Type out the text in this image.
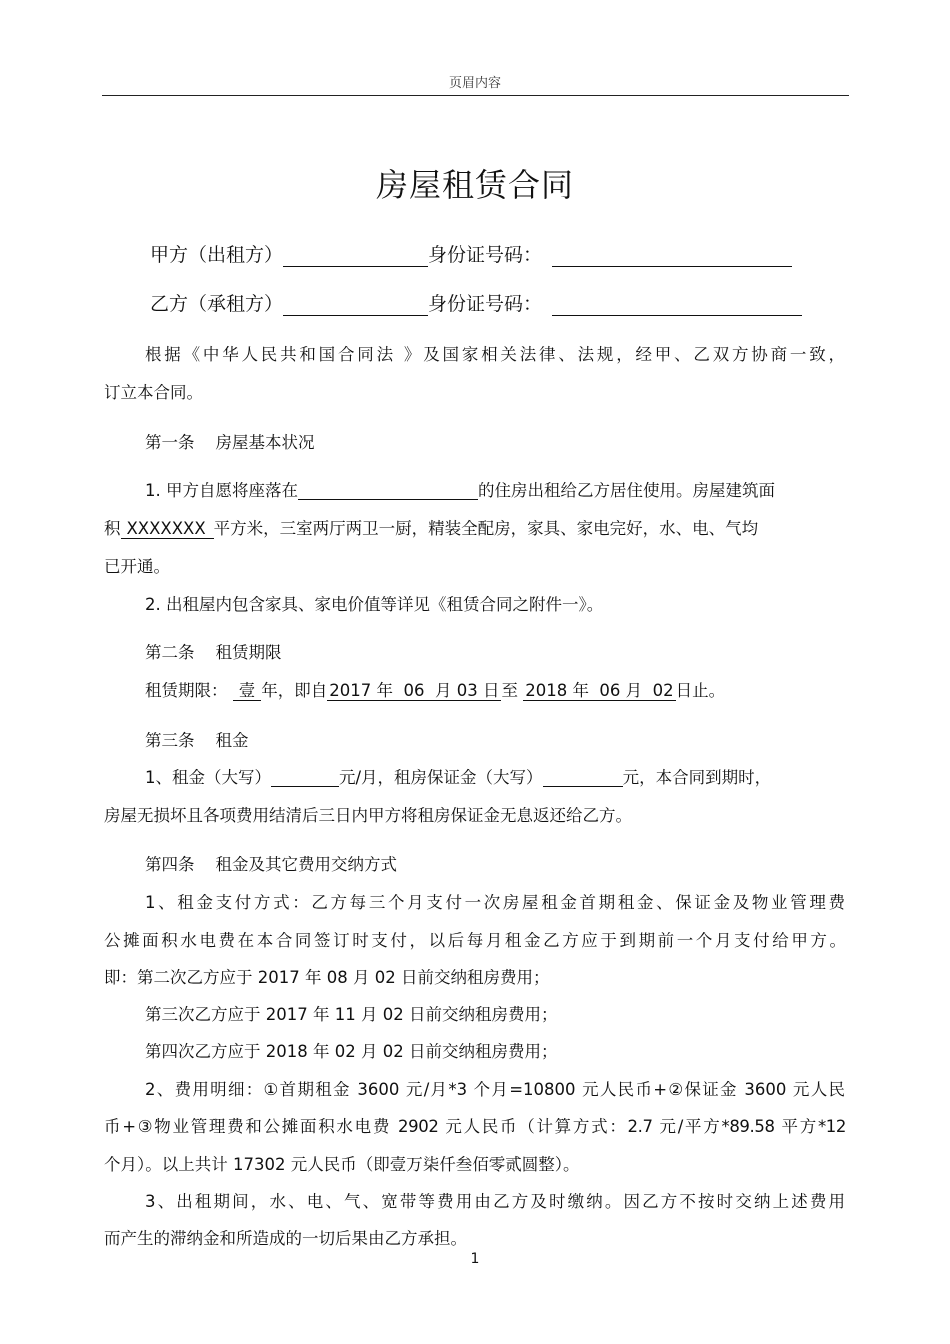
页眉内容
房屋租赁合同
甲方（出租方）	身份证号码：
乙方（承租方）	身份证号码：
根据《中华人民共和国合同法 》及国家相关法律、法规，经甲、乙双方协商一致，
订立本合同。
第一条    房屋基本状况
1. 甲方自愿将座落在	的住房出租给乙方居住使用。房屋建筑面
积 XXXXXXX 平方米，三室两厅两卫一厨，精装全配房，家具、家电完好，水、电、气均
已开通。
2. 出租屋内包含家具、家电价值等详见《租赁合同之附件一》。
第二条    租赁期限
租赁期限： 壹 年，即自 2017 年  06  月 03 日 至 2018 年  06 月  02 日止。
第三条    租金
1、租金（大写）	元/月，租房保证金（大写）	元，本合同到期时，
房屋无损坏且各项费用结清后三日内甲方将租房保证金无息返还给乙方。
第四条    租金及其它费用交纳方式
1、租金支付方式：乙方每三个月支付一次房屋租金首期租金、保证金及物业管理费
公摊面积水电费在本合同签订时支付，以后每月租金乙方应于到期前一个月支付给甲方。
即：第二次乙方应于 2017 年 08 月 02 日前交纳租房费用；
第三次乙方应于 2017 年 11 月 02 日前交纳租房费用；
第四次乙方应于 2018 年 02 月 02 日前交纳租房费用；
2、费用明细：①首期租金 3600 元/月*3 个月=10800 元人民币+②保证金 3600 元人民
币+③物业管理费和公摊面积水电费 2902 元人民币（计算方式：2.7 元/平方*89.58 平方*12
个月）。以上共计 17302 元人民币（即壹万柒仟叁佰零贰圆整）。
3、出租期间，水、电、气、宽带等费用由乙方及时缴纳。因乙方不按时交纳上述费用
而产生的滞纳金和所造成的一切后果由乙方承担。
1
